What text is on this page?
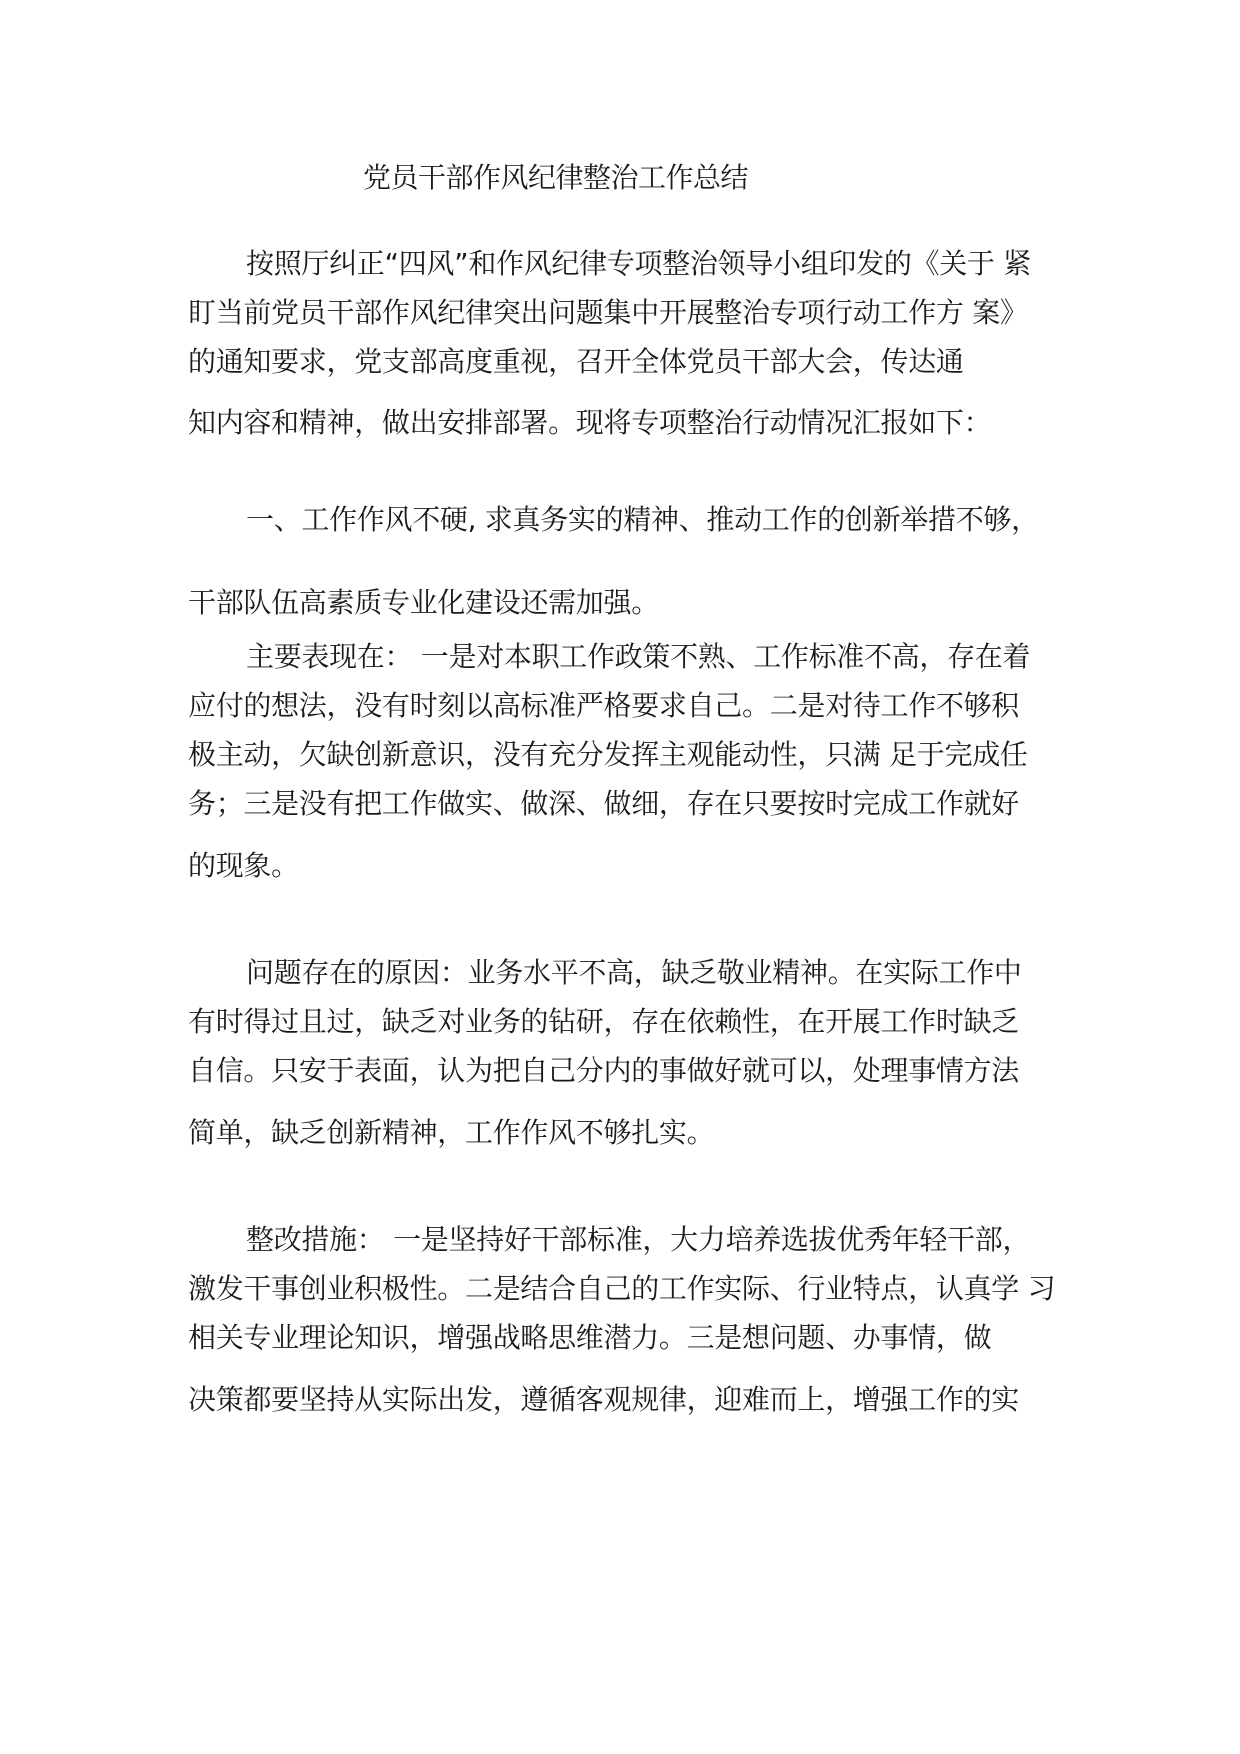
党员干部作风纪律整治工作总结
按照厅纠正“四风”和作风纪律专项整治领导小组印发的《关于 紧
盯当前党员干部作风纪律突出问题集中开展整治专项行动工作方 案》
的通知要求，党支部高度重视，召开全体党员干部大会，传达通
知内容和精神，做出安排部署。现将专项整治行动情况汇报如下：
一、工作作风不硬, 求真务实的精神、推动工作的创新举措不够，
干部队伍高素质专业化建设还需加强。
主要表现在： 一是对本职工作政策不熟、工作标准不高，存在着
应付的想法，没有时刻以高标准严格要求自己。二是对待工作不够积
极主动，欠缺创新意识，没有充分发挥主观能动性，只满 足于完成任
务；三是没有把工作做实、做深、做细，存在只要按时完成工作就好
的现象。
问题存在的原因：业务水平不高，缺乏敬业精神。在实际工作中
有时得过且过，缺乏对业务的钻研，存在依赖性，在开展工作时缺乏
自信。只安于表面，认为把自己分内的事做好就可以，处理事情方法
简单，缺乏创新精神，工作作风不够扎实。
整改措施： 一是坚持好干部标准，大力培养选拔优秀年轻干部，
激发干事创业积极性。二是结合自己的工作实际、行业特点，认真学 习
相关专业理论知识，增强战略思维潜力。三是想问题、办事情，做
决策都要坚持从实际出发，遵循客观规律，迎难而上，增强工作的实
